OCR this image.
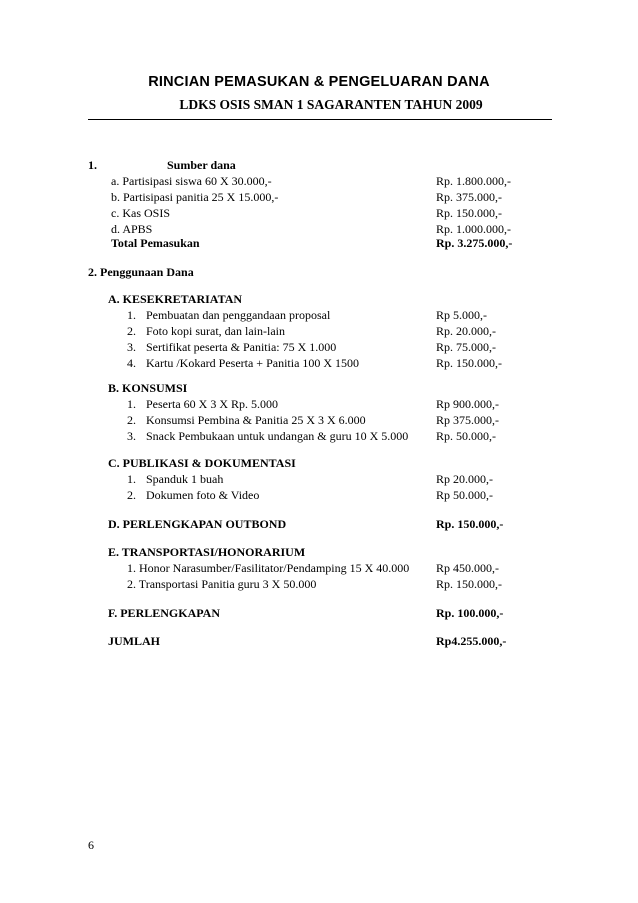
RINCIAN PEMASUKAN & PENGELUARAN DANA
LDKS OSIS SMAN 1 SAGARANTEN TAHUN 2009
1.	Sumber dana
a. Partisipasi siswa 60 X 30.000,-	Rp. 1.800.000,-
b. Partisipasi panitia 25 X 15.000,-	Rp. 375.000,-
c. Kas OSIS	Rp. 150.000,-
d. APBS	Rp. 1.000.000,-
Total Pemasukan	Rp. 3.275.000,-
2. Penggunaan Dana
A. KESEKRETARIATAN
1. Pembuatan dan penggandaan proposal	Rp 5.000,-
2. Foto kopi surat, dan lain-lain	Rp. 20.000,-
3. Sertifikat peserta & Panitia: 75 X 1.000	Rp. 75.000,-
4. Kartu /Kokard Peserta + Panitia 100 X 1500	Rp. 150.000,-
B. KONSUMSI
1. Peserta 60 X 3 X Rp. 5.000	Rp 900.000,-
2. Konsumsi Pembina & Panitia 25 X 3 X 6.000	Rp 375.000,-
3. Snack Pembukaan untuk undangan & guru 10 X 5.000 Rp. 50.000,-
C. PUBLIKASI & DOKUMENTASI
1. Spanduk 1 buah	Rp 20.000,-
2. Dokumen foto & Video	Rp 50.000,-
D. PERLENGKAPAN OUTBOND	Rp. 150.000,-
E. TRANSPORTASI/HONORARIUM
1. Honor Narasumber/Fasilitator/Pendamping 15 X 40.000 Rp 450.000,-
2. Transportasi Panitia guru 3 X 50.000	Rp. 150.000,-
F. PERLENGKAPAN	Rp. 100.000,-
JUMLAH	Rp4.255.000,-
6
